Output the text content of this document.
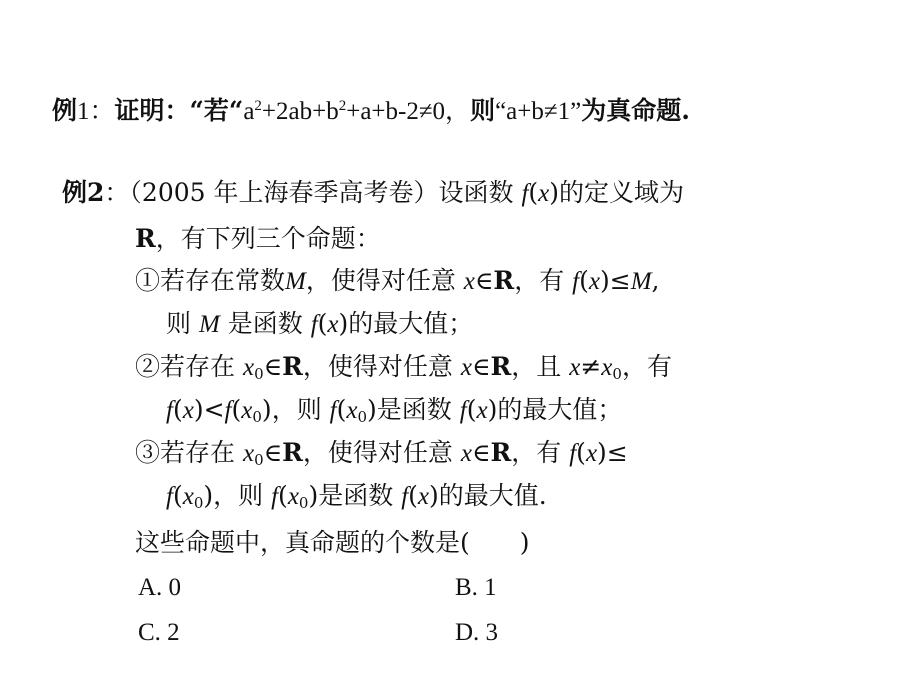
例1：证明：“若“$a^2+2ab+b^2+a+b-2\ne 0$，则“a+b≠1”为真命题.
例2：（2005 年上海春季高考卷）设函数 f(x)的定义域为
R，有下列三个命题：
①若存在常数M，使得对任意 x∈R，有 f(x)≤M,
则 M 是函数 f(x)的最大值；
②若存在 $x_0\in R$，使得对任意 x∈R，且 $x\ne x_0$，有
$f(x)<f(x_0)$，则 $f(x_0)$是函数 f(x)的最大值；
③若存在 $x_0\in R$，使得对任意 x∈R，有 f(x)≤
$f(x_0)$，则 $f(x_0)$是函数 f(x)的最大值.
这些命题中，真命题的个数是(　　)
A. 0	B. 1
C. 2	D. 3
